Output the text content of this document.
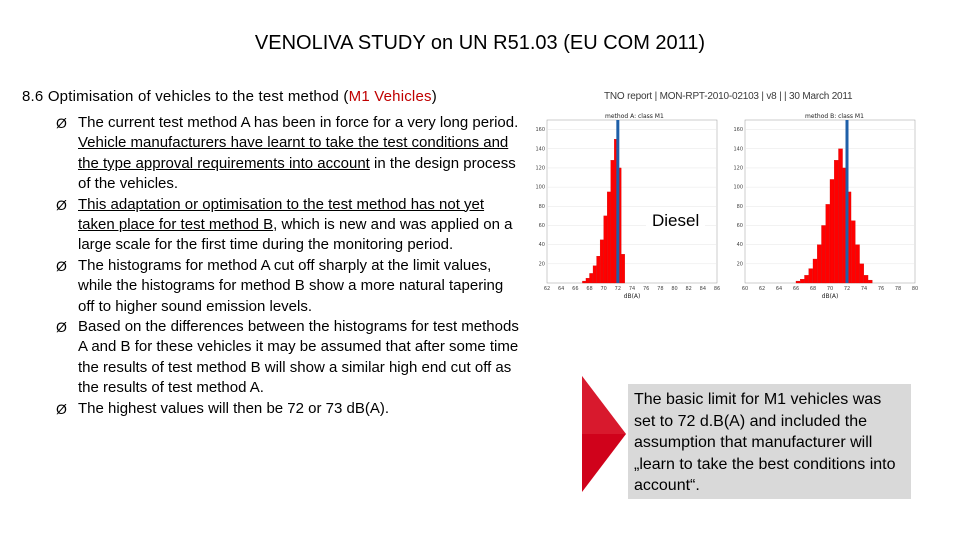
VENOLIVA STUDY on UN R51.03 (EU COM 2011)
8.6 Optimisation of vehicles to the test method (M1 Vehicles)
Ø The current test method A has been in force for a very long period. Vehicle manufacturers have learnt to take the test conditions and the type approval requirements into account in the design process of the vehicles.
Ø This adaptation or optimisation to the test method has not yet taken place for test method B, which is new and was applied on a large scale for the first time during the monitoring period.
Ø The histograms for method A cut off sharply at the limit values, while the histograms for method B show a more natural tapering off to higher sound emission levels.
Ø Based on the differences between the histograms for test methods A and B for these vehicles it may be assumed that after some time the results of test method B will show a similar high end cut off as the results of test method A.
Ø The highest values will then be 72 or 73 dB(A).
TNO report | MON-RPT-2010-02103 | v8 | | 30 March 2011
20
40
60
80
100
120
140
160
62 64 66 68 70 72 74 76 78 80 82 84 86
method A: class M1
dB(A)
20
40
60
80
100
120
140
160
60 62 64 66 68 70 72 74 76 78 80
method B: class M1
dB(A)
Diesel
The basic limit for M1 vehicles was set to 72 d.B(A) and included the assumption that manufacturer will „learn to take the best conditions into account“.
